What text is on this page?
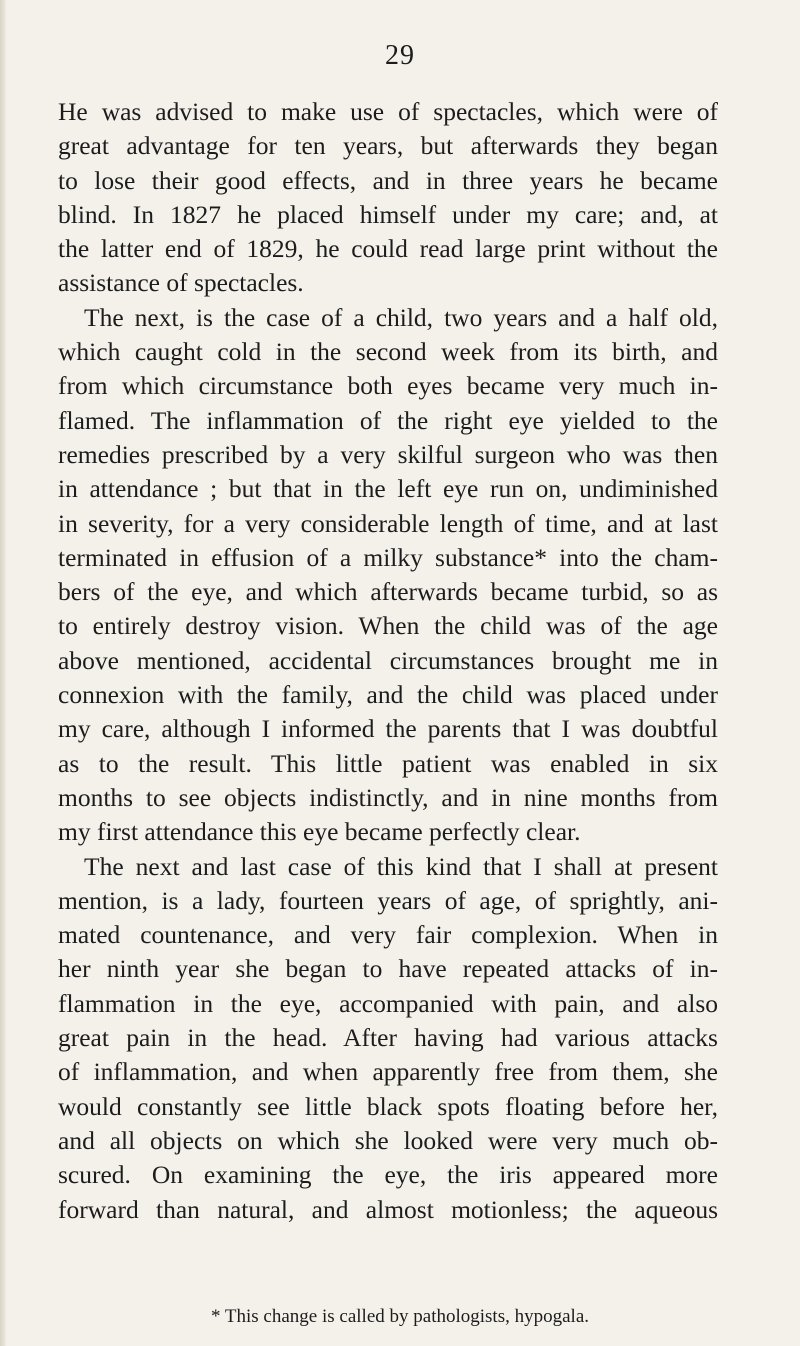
29
He was advised to make use of spectacles, which were of
great advantage for ten years, but afterwards they began
to lose their good effects, and in three years he became
blind. In 1827 he placed himself under my care; and, at
the latter end of 1829, he could read large print without the
assistance of spectacles.
The next, is the case of a child, two years and a half old,
which caught cold in the second week from its birth, and
from which circumstance both eyes became very much in-
flamed. The inflammation of the right eye yielded to the
remedies prescribed by a very skilful surgeon who was then
in attendance ; but that in the left eye run on, undiminished
in severity, for a very considerable length of time, and at last
terminated in effusion of a milky substance* into the cham-
bers of the eye, and which afterwards became turbid, so as
to entirely destroy vision. When the child was of the age
above mentioned, accidental circumstances brought me in
connexion with the family, and the child was placed under
my care, although I informed the parents that I was doubtful
as to the result. This little patient was enabled in six
months to see objects indistinctly, and in nine months from
my first attendance this eye became perfectly clear.
The next and last case of this kind that I shall at present
mention, is a lady, fourteen years of age, of sprightly, ani-
mated countenance, and very fair complexion. When in
her ninth year she began to have repeated attacks of in-
flammation in the eye, accompanied with pain, and also
great pain in the head. After having had various attacks
of inflammation, and when apparently free from them, she
would constantly see little black spots floating before her,
and all objects on which she looked were very much ob-
scured. On examining the eye, the iris appeared more
forward than natural, and almost motionless; the aqueous
* This change is called by pathologists, hypogala.
